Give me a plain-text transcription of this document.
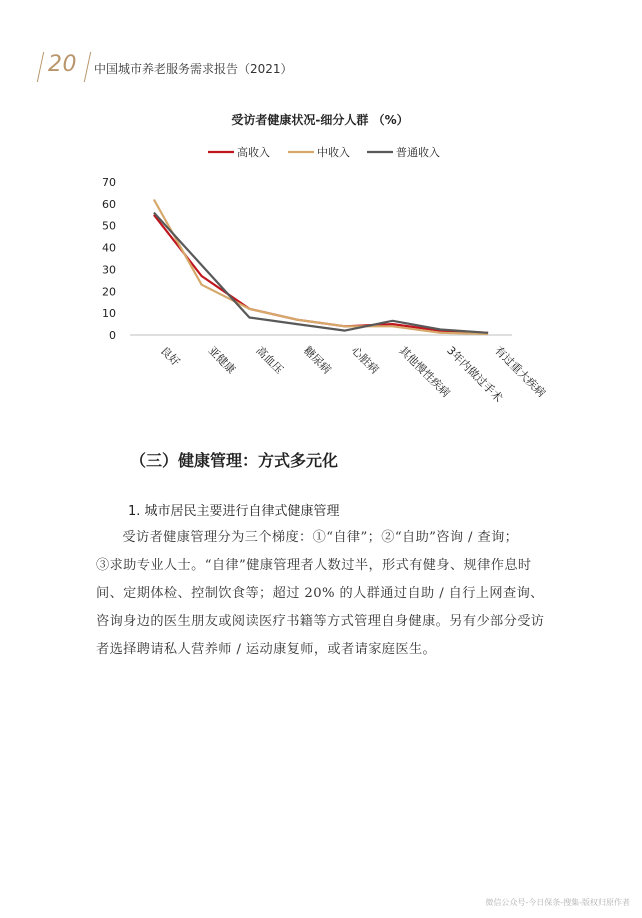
20 中国城市养老服务需求报告（2021）
受访者健康状况-细分人群 （%）
高收入	中收入	普通收入
0
10
20
30
40
50
60
70
良好 亚健康 高血压 糖尿病 心脏病 其他慢性疾病
3年内做过手术
有过重大疾病
（三）健康管理：方式多元化
1. 城市居民主要进行自律式健康管理

受访者健康管理分为三个梯度：①“自律”；②“自助”咨询 / 查询；

③求助专业人士。“自律”健康管理者人数过半，形式有健身、规律作息时间、定期体检、控制饮食等；超过 20% 的人群通过自助 / 自行上网查询、咨询身边的医生朋友或阅读医疗书籍等方式管理自身健康。另有少部分受访者选择聘请私人营养师 / 运动康复师，或者请家庭医生。

微信公众号-今日保条-搜集-版权归原作者
